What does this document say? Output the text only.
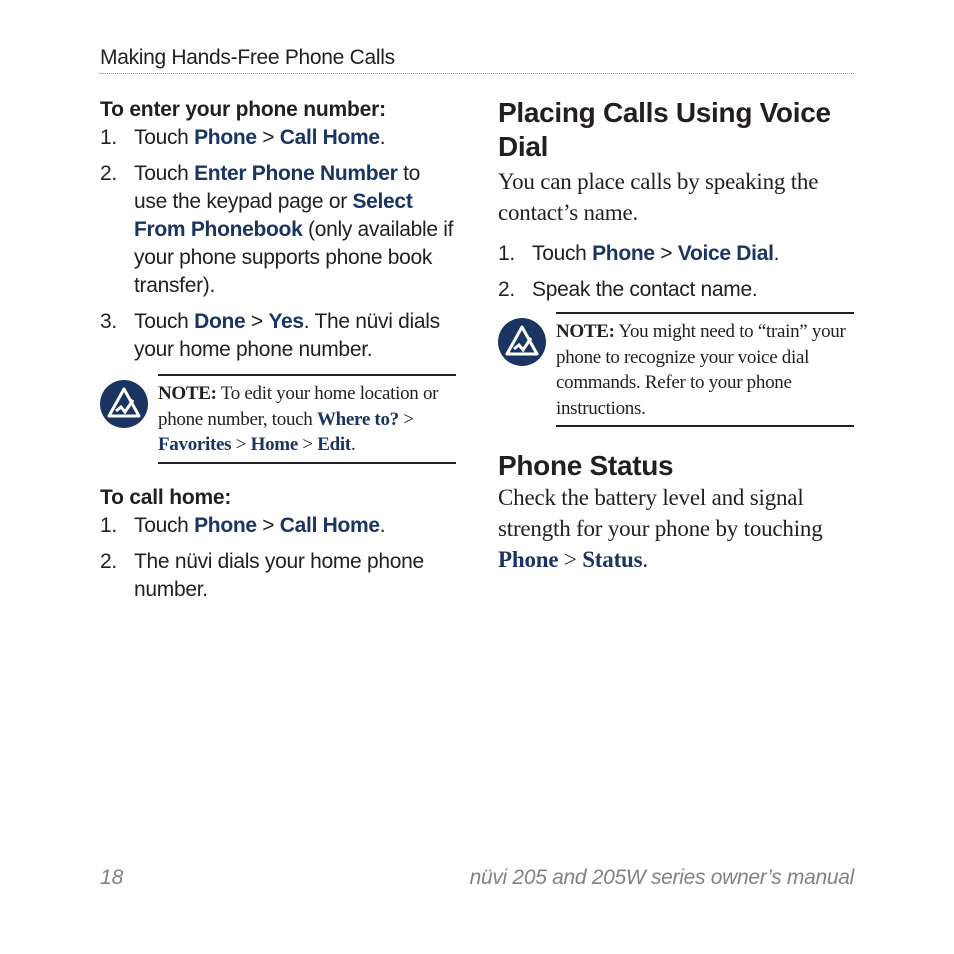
Making Hands-Free Phone Calls
To enter your phone number:
1. Touch Phone > Call Home.
2. Touch Enter Phone Number to use the keypad page or Select From Phonebook (only available if your phone supports phone book transfer).
3. Touch Done > Yes. The nüvi dials your home phone number.
NOTE: To edit your home location or phone number, touch Where to? > Favorites > Home > Edit.
To call home:
1. Touch Phone > Call Home.
2. The nüvi dials your home phone number.
Placing Calls Using Voice Dial
You can place calls by speaking the contact’s name.
1. Touch Phone > Voice Dial.
2. Speak the contact name.
NOTE: You might need to “train” your phone to recognize your voice dial commands. Refer to your phone instructions.
Phone Status
Check the battery level and signal strength for your phone by touching Phone > Status.
18	nüvi 205 and 205W series owner’s manual
